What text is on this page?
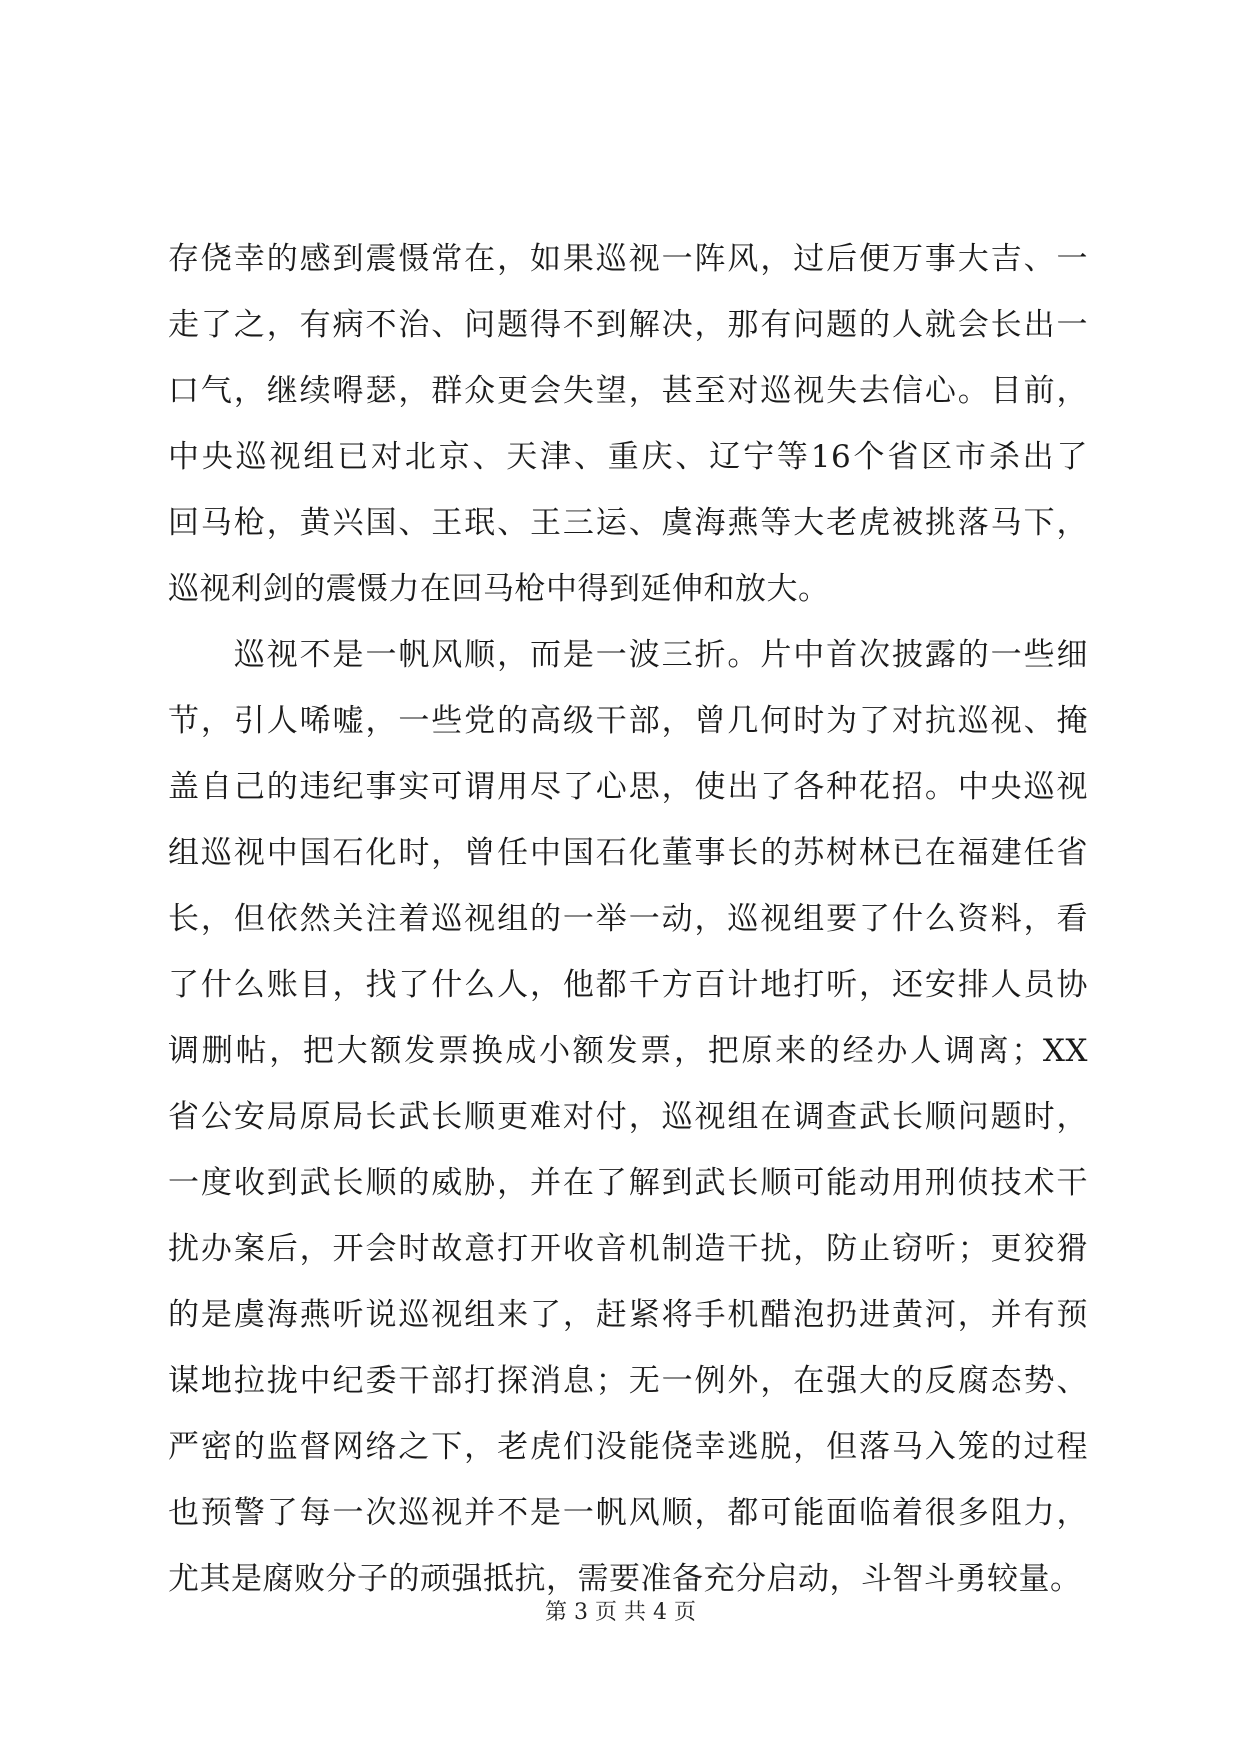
存侥幸的感到震慑常在，如果巡视一阵风，过后便万事大吉、一
走了之，有病不治、问题得不到解决，那有问题的人就会长出一
口气，继续嘚瑟，群众更会失望，甚至对巡视失去信心。目前，
中央巡视组已对北京、天津、重庆、辽宁等16个省区市杀出了
回马枪，黄兴国、王珉、王三运、虞海燕等大老虎被挑落马下，
巡视利剑的震慑力在回马枪中得到延伸和放大。
　　巡视不是一帆风顺，而是一波三折。片中首次披露的一些细
节，引人唏嘘，一些党的高级干部，曾几何时为了对抗巡视、掩
盖自己的违纪事实可谓用尽了心思，使出了各种花招。中央巡视
组巡视中国石化时，曾任中国石化董事长的苏树林已在福建任省
长，但依然关注着巡视组的一举一动，巡视组要了什么资料，看
了什么账目，找了什么人，他都千方百计地打听，还安排人员协
调删帖，把大额发票换成小额发票，把原来的经办人调离；XX
省公安局原局长武长顺更难对付，巡视组在调查武长顺问题时，
一度收到武长顺的威胁，并在了解到武长顺可能动用刑侦技术干
扰办案后，开会时故意打开收音机制造干扰，防止窃听；更狡猾
的是虞海燕听说巡视组来了，赶紧将手机醋泡扔进黄河，并有预
谋地拉拢中纪委干部打探消息；无一例外，在强大的反腐态势、
严密的监督网络之下，老虎们没能侥幸逃脱，但落马入笼的过程
也预警了每一次巡视并不是一帆风顺，都可能面临着很多阻力，
尤其是腐败分子的顽强抵抗，需要准备充分启动，斗智斗勇较量。
第 3 页 共 4 页
